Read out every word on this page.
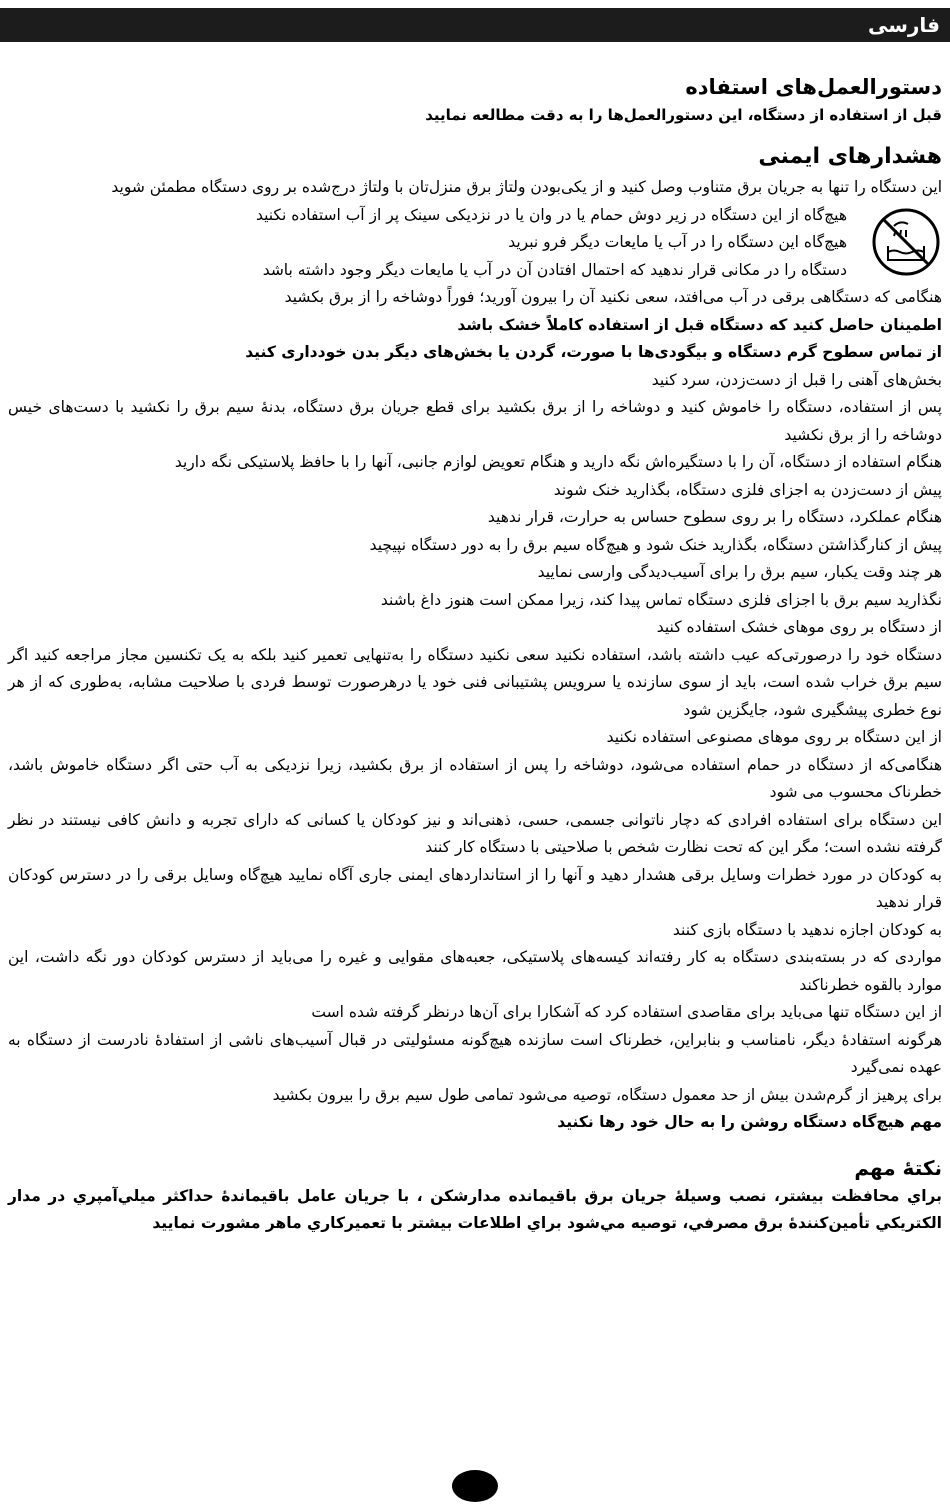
فارسی
دستورالعمل‌های استفاده

قبل از استفاده از دستگاه، این دستورالعمل‌ها را به دقت مطالعه نمایید

هشدارهای ایمنی

این دستگاه را تنها به جریان برق متناوب وصل کنید و از یکی‌بودن ولتاژ برق منزل‌تان با ولتاژ درج‌شده بر روی دستگاه مطمئن شوید

هیچ‌گاه از این دستگاه در زیر دوش حمام یا در وان یا در نزدیکی سینک پر از آب استفاده نکنید

هیچ‌گاه این دستگاه را در آب یا مایعات دیگر فرو نبرید

دستگاه را در مکانی قرار ندهید که احتمال افتادن آن در آب یا مایعات دیگر وجود داشته باشد

هنگامی که دستگاهی برقی در آب می‌افتد، سعی نکنید آن را بیرون آورید؛ فوراً دوشاخه را از برق بکشید

اطمینان حاصل کنید که دستگاه قبل از استفاده کاملاً خشک باشد

از تماس سطوح گرم دستگاه و بیگودی‌ها با صورت، گردن یا بخش‌های دیگر بدن خودداری کنید

بخش‌های آهنی را قبل از دست‌زدن، سرد کنید

پس از استفاده، دستگاه را خاموش کنید و دوشاخه را از برق بکشید برای قطع جریان برق دستگاه، بدنهٔ سیم برق را نکشید با دست‌های خیس دوشاخه را از برق نکشید

هنگام استفاده از دستگاه، آن را با دستگیره‌اش نگه دارید و هنگام تعویض لوازم جانبی، آنها را با حافظ پلاستیکی نگه دارید

پیش از دست‌زدن به اجزای فلزی دستگاه، بگذارید خنک شوند

هنگام عملکرد، دستگاه را بر روی سطوح حساس به حرارت، قرار ندهید

پیش از کنارگذاشتن دستگاه، بگذارید خنک شود و هیچ‌گاه سیم برق را به دور دستگاه نپیچید

هر چند وقت یکبار، سیم برق را برای آسیب‌دیدگی وارسی نمایید

نگذارید سیم برق با اجزای فلزی دستگاه تماس پیدا کند، زیرا ممکن است هنوز داغ باشند

از دستگاه بر روی موهای خشک استفاده کنید

دستگاه خود را درصورتی‌که عیب داشته باشد، استفاده نکنید سعی نکنید دستگاه را به‌تنهایی تعمیر کنید بلکه به یک تکنسین مجاز مراجعه کنید اگر سیم برق خراب شده است، باید از سوی سازنده یا سرویس پشتیبانی فنی خود یا درهرصورت توسط فردی با صلاحیت مشابه، به‌طوری که از هر نوع خطری پیشگیری شود، جایگزین شود

از این دستگاه بر روی موهای مصنوعی استفاده نکنید

هنگامی‌که از دستگاه در حمام استفاده می‌شود، دوشاخه را پس از استفاده از برق بکشید، زیرا نزدیکی به آب حتی اگر دستگاه خاموش باشد، خطرناک محسوب می شود

این دستگاه برای استفاده افرادی که دچار ناتوانی جسمی، حسی، ذهنی‌اند و نیز کودکان یا کسانی که دارای تجربه و دانش کافی نیستند در نظر گرفته نشده است؛ مگر این که تحت نظارت شخص با صلاحیتی با دستگاه کار کنند

به کودکان در مورد خطرات وسایل برقی هشدار دهید و آنها را از استانداردهای ایمنی جاری آگاه نمایید هیچ‌گاه وسایل برقی را در دسترس کودکان قرار ندهید

به کودکان اجازه ندهید با دستگاه بازی کنند

مواردی که در بسته‌بندی دستگاه به کار رفته‌اند کیسه‌های پلاستیکی، جعبه‌های مقوایی و غیره را می‌باید از دسترس کودکان دور نگه داشت، این موارد بالقوه خطرناکند

از این دستگاه تنها می‌باید برای مقاصدی استفاده کرد که آشکارا برای آن‌ها درنظر گرفته شده است

هرگونه استفادهٔ دیگر، نامناسب و بنابراین، خطرناک است سازنده هیچ‌گونه مسئولیتی در قبال آسیب‌های ناشی از استفادهٔ نادرست از دستگاه به عهده نمی‌گیرد

برای پرهیز از گرم‌شدن بیش از حد معمول دستگاه، توصیه می‌شود تمامی طول سیم برق را بیرون بکشید

مهم هیچ‌گاه دستگاه روشن را به حال خود رها نکنید

نکتهٔ مهم

براي محافظت بيشتر، نصب وسيلهٔ جريان برق باقيمانده مدارشكن ، با جريان عامل باقيماندهٔ حداكثر ميلي‌آمپري در مدار الكتريكي تأمين‌كنندهٔ برق مصرفي، توصيه مي‌شود براي اطلاعات بيشتر با تعميركاري ماهر مشورت نماييد
